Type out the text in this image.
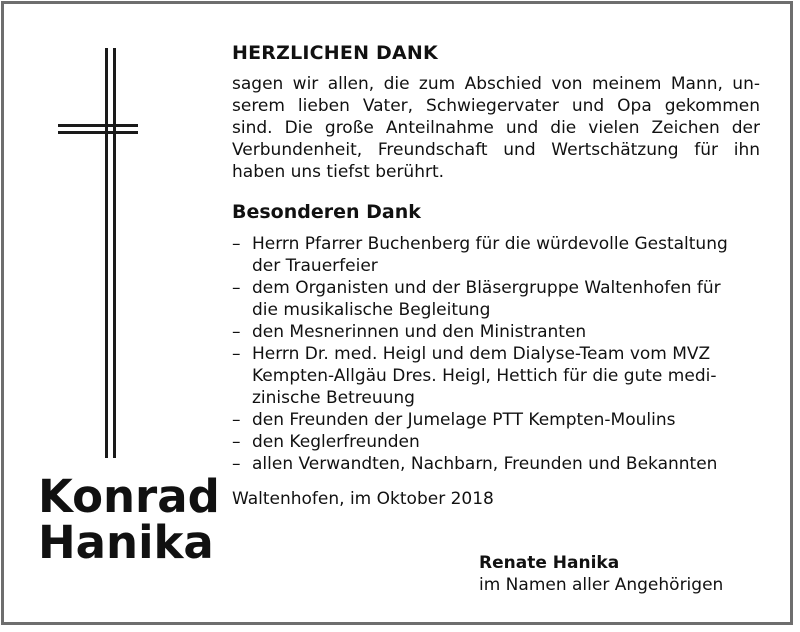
Konrad
Hanika
HERZLICHEN DANK
sagen wir allen, die zum Abschied von meinem Mann, un-
serem lieben Vater, Schwiegervater und Opa gekommen
sind. Die große Anteilnahme und die vielen Zeichen der
Verbundenheit, Freundschaft und Wertschätzung für ihn
haben uns tiefst berührt.
Besonderen Dank
– Herrn Pfarrer Buchenberg für die würdevolle Gestaltung
der Trauerfeier
– dem Organisten und der Bläsergruppe Waltenhofen für
die musikalische Begleitung
– den Mesnerinnen und den Ministranten
– Herrn Dr. med. Heigl und dem Dialyse-Team vom MVZ
Kempten-Allgäu Dres. Heigl, Hettich für die gute medi-
zinische Betreuung
– den Freunden der Jumelage PTT Kempten-Moulins
– den Keglerfreunden
– allen Verwandten, Nachbarn, Freunden und Bekannten
Waltenhofen, im Oktober 2018
Renate Hanika
im Namen aller Angehörigen
